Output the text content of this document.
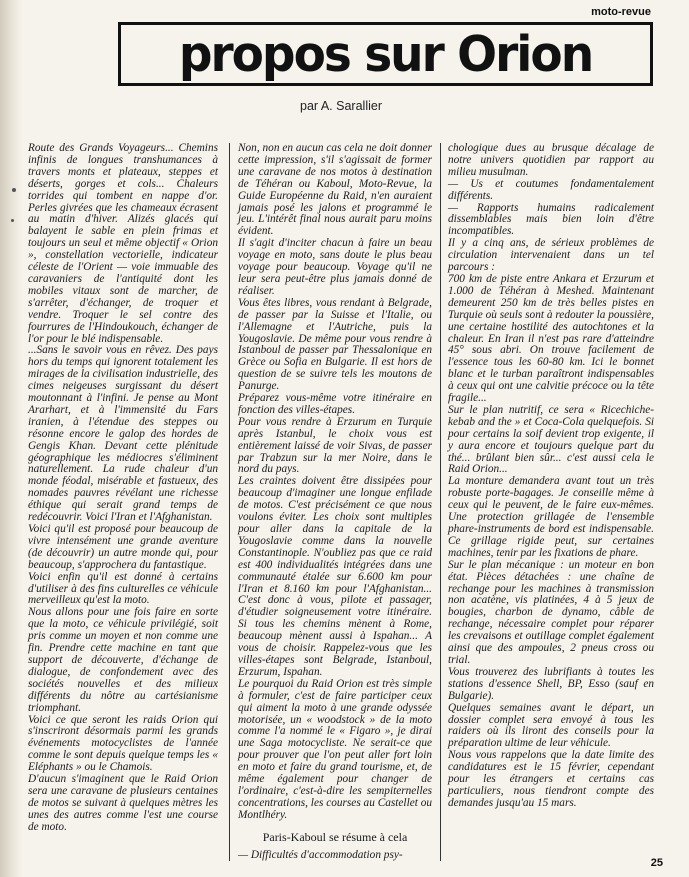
moto-revue
propos sur Orion
par A. Sarallier

Route des Grands Voyageurs... Chemins infinis de longues transhumances à travers monts et plateaux, steppes et déserts, gorges et cols... Chaleurs torrides qui tombent en nappe d'or. Perles givrées que les chameaux écrasent au matin d'hiver. Alizés glacés qui balayent le sable en plein frimas et toujours un seul et même objectif « Orion », constellation vectorielle, indicateur céleste de l'Orient — voie immuable des caravaniers de l'antiquité dont les mobiles vitaux sont de marcher, de s'arrêter, d'échanger, de troquer et vendre. Troquer le sel contre des fourrures de l'Hindoukouch, échanger de l'or pour le blé indispensable.

...Sans le savoir vous en rêvez. Des pays hors du temps qui ignorent totalement les mirages de la civilisation industrielle, des cimes neigeuses surgissant du désert moutonnant à l'infini. Je pense au Mont Ararhart, et à l'immensité du Fars iranien, à l'étendue des steppes ou résonne encore le galop des hordes de Gengis Khan. Devant cette plénitude géographique les médiocres s'éliminent naturellement. La rude chaleur d'un monde féodal, misérable et fastueux, des nomades pauvres révélant une richesse éthique qui serait grand temps de redécouvrir. Voici l'Iran et l'Afghanistan.

Voici qu'il est proposé pour beaucoup de vivre intensément une grande aventure (de découvrir) un autre monde qui, pour beaucoup, s'approchera du fantastique.

Voici enfin qu'il est donné à certains d'utiliser à des fins culturelles ce véhicule merveilleux qu'est la moto.

Nous allons pour une fois faire en sorte que la moto, ce véhicule privilégié, soit pris comme un moyen et non comme une fin. Prendre cette machine en tant que support de découverte, d'échange de dialogue, de confondement avec des sociétés nouvelles et des milieux différents du nôtre au cartésianisme triomphant.

Voici ce que seront les raids Orion qui s'inscriront désormais parmi les grands événements motocyclistes de l'année comme le sont depuis quelque temps les « Eléphants » ou le Chamois.

D'aucun s'imaginent que le Raid Orion sera une caravane de plusieurs centaines de motos se suivant à quelques mètres les unes des autres comme l'est une course de moto.

Non, non en aucun cas cela ne doit donner cette impression, s'il s'agissait de former une caravane de nos motos à destination de Téhéran ou Kaboul, Moto-Revue, la Guide Européenne du Raid, n'en auraient jamais posé les jalons et programmé le jeu. L'intérêt final nous aurait paru moins évident.

Il s'agit d'inciter chacun à faire un beau voyage en moto, sans doute le plus beau voyage pour beaucoup. Voyage qu'il ne leur sera peut-être plus jamais donné de réaliser.

Vous êtes libres, vous rendant à Belgrade, de passer par la Suisse et l'Italie, ou l'Allemagne et l'Autriche, puis la Yougoslavie. De même pour vous rendre à Istanboul de passer par Thessalonique en Grèce ou Sofia en Bulgarie. Il est hors de question de se suivre tels les moutons de Panurge.

Préparez vous-même votre itinéraire en fonction des villes-étapes.

Pour vous rendre à Erzurum en Turquie après Istanbul, le choix vous est entièrement laissé de voir Sivas, de passer par Trabzun sur la mer Noire, dans le nord du pays.

Les craintes doivent être dissipées pour beaucoup d'imaginer une longue enfilade de motos. C'est précisément ce que nous voulons éviter. Les choix sont multiples pour aller dans la capitale de la Yougoslavie comme dans la nouvelle Constantinople. N'oubliez pas que ce raid est 400 individualités intégrées dans une communauté étalée sur 6.600 km pour l'Iran et 8.160 km pour l'Afghanistan... C'est donc à vous, pilote et passager, d'étudier soigneusement votre itinéraire. Si tous les chemins mènent à Rome, beaucoup mènent aussi à Ispahan... A vous de choisir. Rappelez-vous que les villes-étapes sont Belgrade, Istanboul, Erzurum, Ispahan.

Le pourquoi du Raid Orion est très simple à formuler, c'est de faire participer ceux qui aiment la moto à une grande odyssée motorisée, un « woodstock » de la moto comme l'a nommé le « Figaro », je dirai une Saga motocycliste. Ne serait-ce que pour prouver que l'on peut aller fort loin en moto et faire du grand tourisme, et, de même également pour changer de l'ordinaire, c'est-à-dire les sempiternelles concentrations, les courses au Castellet ou Montlhéry.

Paris-Kaboul se résume à cela

— Difficultés d'accommodation psy-

chologique dues au brusque décalage de notre univers quotidien par rapport au milieu musulman.

— Us et coutumes fondamentalement différents.

— Rapports humains radicalement dissemblables mais bien loin d'être incompatibles.

Il y a cinq ans, de sérieux problèmes de circulation intervenaient dans un tel parcours :

700 km de piste entre Ankara et Erzurum et 1.000 de Téhéran à Meshed. Maintenant demeurent 250 km de très belles pistes en Turquie où seuls sont à redouter la poussière, une certaine hostilité des autochtones et la chaleur. En Iran il n'est pas rare d'atteindre 45° sous abri. On trouve facilement de l'essence tous les 60-80 km. Ici le bonnet blanc et le turban paraîtront indispensables à ceux qui ont une calvitie précoce ou la tête fragile...

Sur le plan nutritif, ce sera « Ricechiche-kebab and the » et Coca-Cola quelquefois. Si pour certains la soif devient trop exigente, il y aura encore et toujours quelque part du thé... brûlant bien sûr... c'est aussi cela le Raid Orion...

La monture demandera avant tout un très robuste porte-bagages. Je conseille même à ceux qui le peuvent, de le faire eux-mêmes. Une protection grillagée de l'ensemble phare-instruments de bord est indispensable. Ce grillage rigide peut, sur certaines machines, tenir par les fixations de phare.

Sur le plan mécanique : un moteur en bon état. Pièces détachées : une chaîne de rechange pour les machines à transmission non acatène, vis platinées, 4 à 5 jeux de bougies, charbon de dynamo, câble de rechange, nécessaire complet pour réparer les crevaisons et outillage complet également ainsi que des ampoules, 2 pneus cross ou trial.

Vous trouverez des lubrifiants à toutes les stations d'essence Shell, BP, Esso (sauf en Bulgarie).

Quelques semaines avant le départ, un dossier complet sera envoyé à tous les raiders où ils liront des conseils pour la préparation ultime de leur véhicule.

Nous vous rappelons que la date limite des candidatures est le 15 février, cependant pour les étrangers et certains cas particuliers, nous tiendront compte des demandes jusqu'au 15 mars.

25
